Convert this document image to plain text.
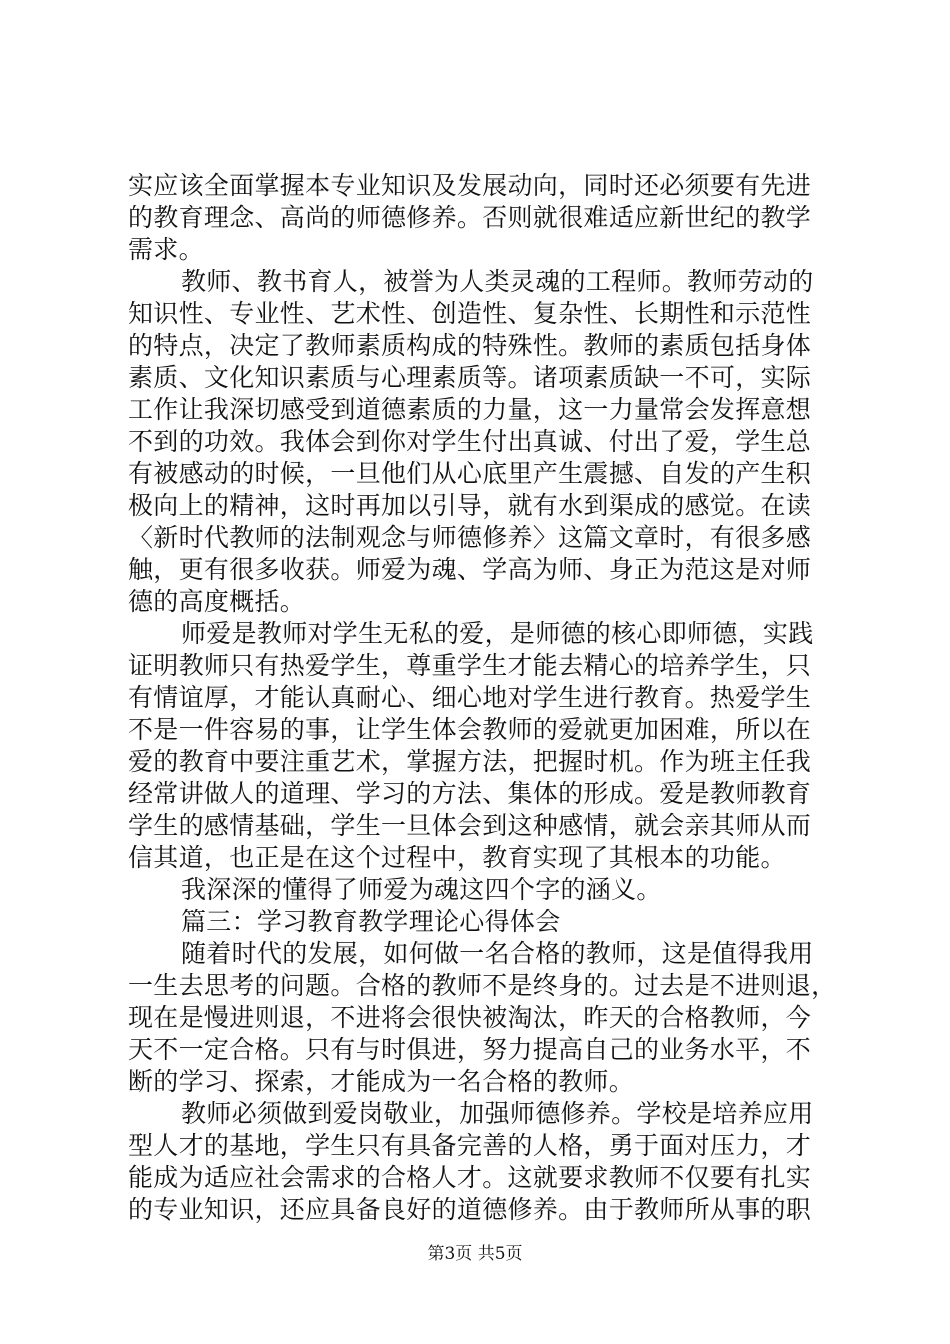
实应该全面掌握本专业知识及发展动向，同时还必须要有先进
的教育理念、高尚的师德修养。否则就很难适应新世纪的教学
需求。
教师、教书育人，被誉为人类灵魂的工程师。教师劳动的
知识性、专业性、艺术性、创造性、复杂性、长期性和示范性
的特点，决定了教师素质构成的特殊性。教师的素质包括身体
素质、文化知识素质与心理素质等。诸项素质缺一不可，实际
工作让我深切感受到道德素质的力量，这一力量常会发挥意想
不到的功效。我体会到你对学生付出真诚、付出了爱，学生总
有被感动的时候，一旦他们从心底里产生震撼、自发的产生积
极向上的精神，这时再加以引导，就有水到渠成的感觉。在读
〈新时代教师的法制观念与师德修养〉这篇文章时，有很多感
触，更有很多收获。师爱为魂、学高为师、身正为范这是对师
德的高度概括。
师爱是教师对学生无私的爱，是师德的核心即师德，实践
证明教师只有热爱学生，尊重学生才能去精心的培养学生，只
有情谊厚，才能认真耐心、细心地对学生进行教育。热爱学生
不是一件容易的事，让学生体会教师的爱就更加困难，所以在
爱的教育中要注重艺术，掌握方法，把握时机。作为班主任我
经常讲做人的道理、学习的方法、集体的形成。爱是教师教育
学生的感情基础，学生一旦体会到这种感情，就会亲其师从而
信其道，也正是在这个过程中，教育实现了其根本的功能。
我深深的懂得了师爱为魂这四个字的涵义。
篇三：学习教育教学理论心得体会
随着时代的发展，如何做一名合格的教师，这是值得我用
一生去思考的问题。合格的教师不是终身的。过去是不进则退，
现在是慢进则退，不进将会很快被淘汰，昨天的合格教师，今
天不一定合格。只有与时俱进，努力提高自己的业务水平，不
断的学习、探索，才能成为一名合格的教师。
教师必须做到爱岗敬业，加强师德修养。学校是培养应用
型人才的基地，学生只有具备完善的人格，勇于面对压力，才
能成为适应社会需求的合格人才。这就要求教师不仅要有扎实
的专业知识，还应具备良好的道德修养。由于教师所从事的职
第3页 共5页
